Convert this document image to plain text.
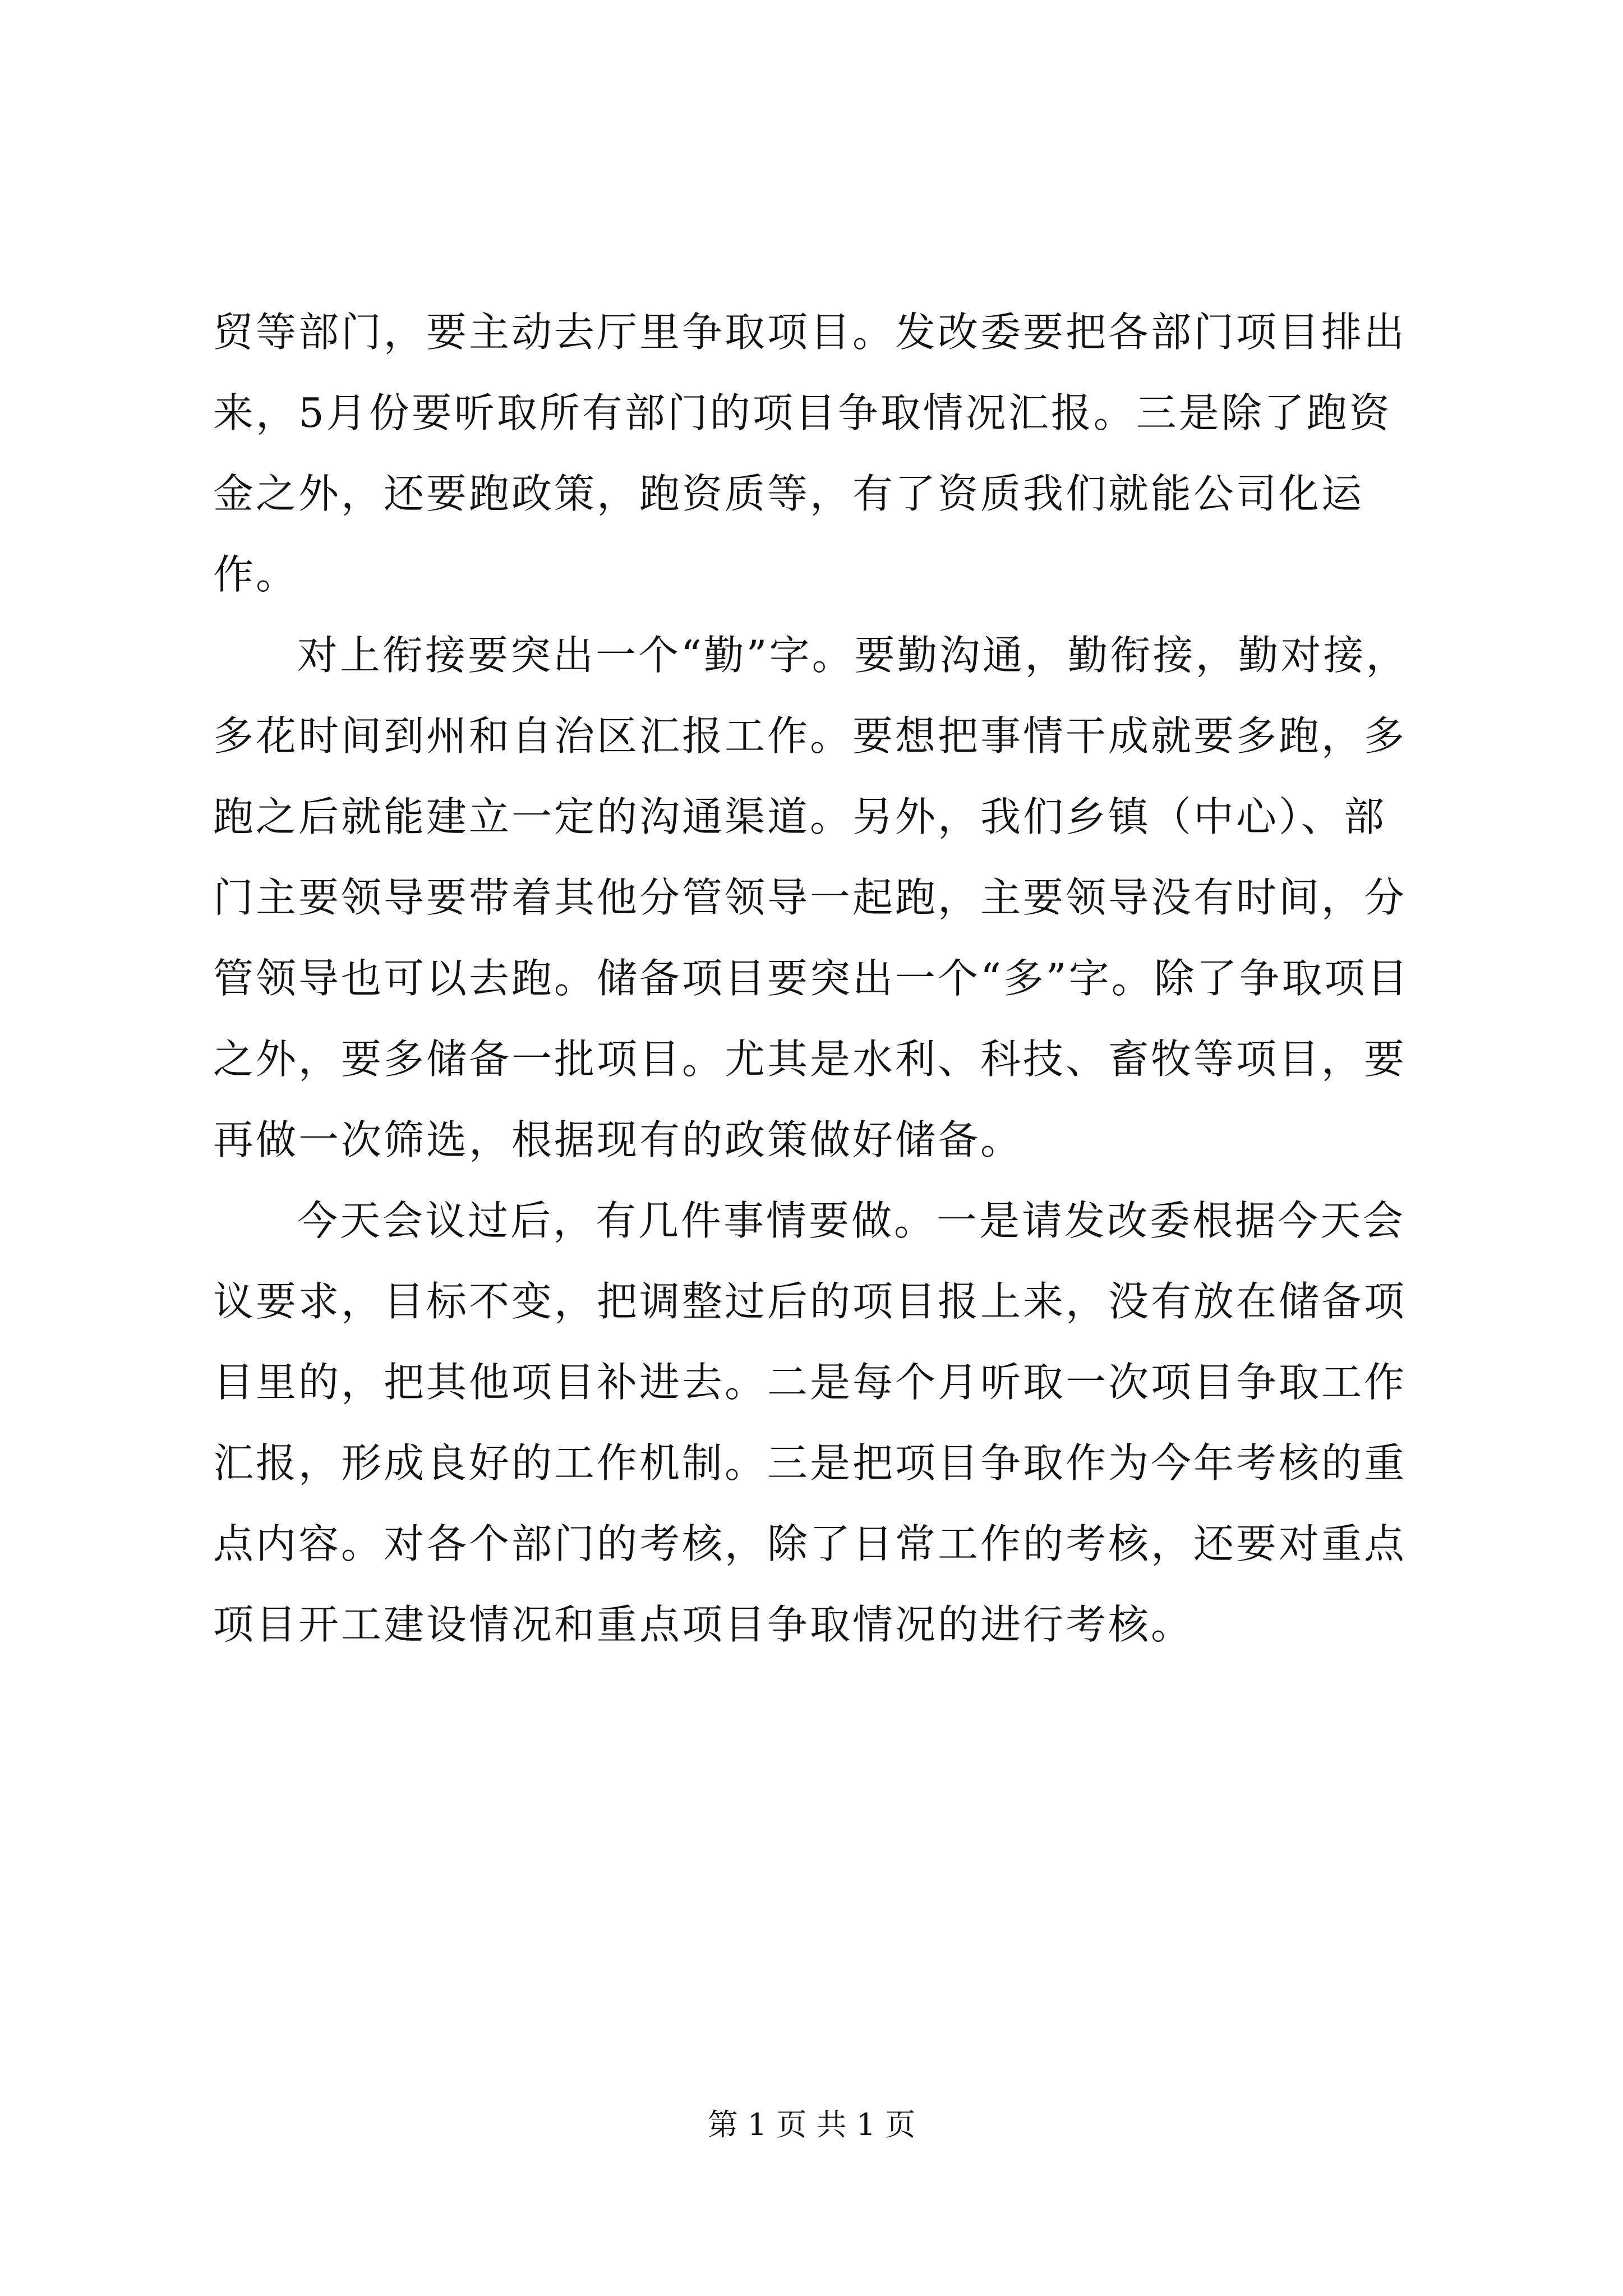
贸等部门，要主动去厅里争取项目。发改委要把各部门项目排出来，5月份要听取所有部门的项目争取情况汇报。三是除了跑资金之外，还要跑政策，跑资质等，有了资质我们就能公司化运作。

对上衔接要突出一个“勤”字。要勤沟通，勤衔接，勤对接，多花时间到州和自治区汇报工作。要想把事情干成就要多跑，多跑之后就能建立一定的沟通渠道。另外，我们乡镇（中心）、部门主要领导要带着其他分管领导一起跑，主要领导没有时间，分管领导也可以去跑。储备项目要突出一个“多”字。除了争取项目之外，要多储备一批项目。尤其是水利、科技、畜牧等项目，要再做一次筛选，根据现有的政策做好储备。

今天会议过后，有几件事情要做。一是请发改委根据今天会议要求，目标不变，把调整过后的项目报上来，没有放在储备项目里的，把其他项目补进去。二是每个月听取一次项目争取工作汇报，形成良好的工作机制。三是把项目争取作为今年考核的重点内容。对各个部门的考核，除了日常工作的考核，还要对重点项目开工建设情况和重点项目争取情况的进行考核。

第 1 页 共 1 页
